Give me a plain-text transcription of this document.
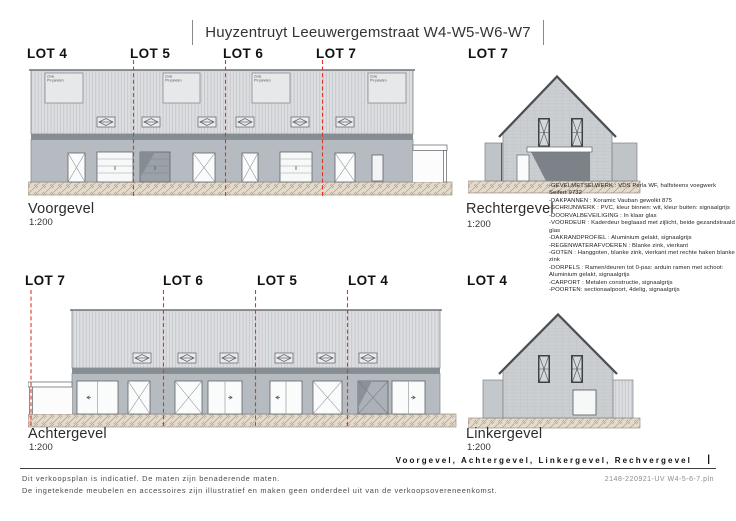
Huyzentruyt Leeuwergemstraat W4-W5-W6-W7
LOT 4	LOT 5	LOT 6	LOT 7	LOT 7
Zone
PV-panelen
Zone
PV-panelen
Zone
PV-panelen
Zone
PV-panelen
Voorgevel
1:200
Rechtergevel
1:200
-GEVELMETSELWERK : VDS Perla WF, halfsteens voegwerk Seifert 9732
-DAKPANNEN : Koramic Vauban gewolkt 875
-SCHRIJNWERK : PVC, kleur binnen: wit, kleur buiten: signaalgrijs
-DOORVALBEVEILIGING : In klaar glas
-VOORDEUR : Kaderdeur beglaasd met zijlicht, beide gezandstraald glas
-DAKRANDPROFIEL : Aluminium gelakt, signaalgrijs
-REGENWATERAFVOEREN : Blanke zink, vierkant
-GOTEN : Hanggoten, blanke zink, vierkant met rechte haken blanke zink
-DORPELS : Ramen/deuren tot 0-pas: arduin ramen met schoot: Aluminium gelakt, signaalgrijs
-CARPORT : Metalen constructie, signaalgrijs
-POORTEN: sectionaalpoort, 4delig, signaalgrijs
LOT 7	LOT 6	LOT 5	LOT 4	LOT 4
Achtergevel
1:200
Linkergevel
1:200
Voorgevel, Achtergevel, Linkergevel, Rechvergevel |
Dit verkoopsplan is indicatief. De maten zijn benaderende maten.
De ingetekende meubelen en accessoires zijn illustratief en maken geen onderdeel uit van de verkoopsovereneenkomst.
2148-220921-UV W4-5-6-7.pln
